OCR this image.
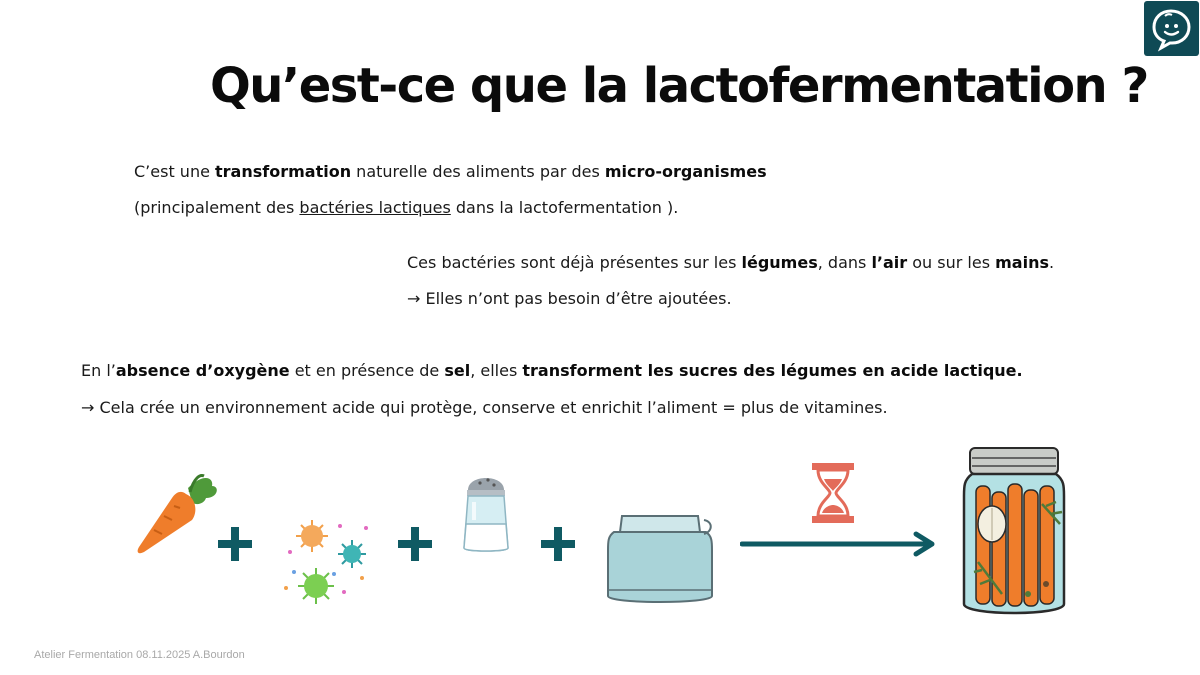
Qu’est-ce que la lactofermentation ?
C’est une transformation naturelle des aliments par des micro-organismes
(principalement des bactéries lactiques dans la lactofermentation ).
Ces bactéries sont déjà présentes sur les légumes, dans l’air ou sur les mains.
→ Elles n’ont pas besoin d’être ajoutées.
En l’absence d’oxygène et en présence de sel, elles transforment les sucres des légumes en acide lactique.
→ Cela crée un environnement acide qui protège, conserve et enrichit l’aliment = plus de vitamines.
Atelier Fermentation 08.11.2025 A.Bourdon
